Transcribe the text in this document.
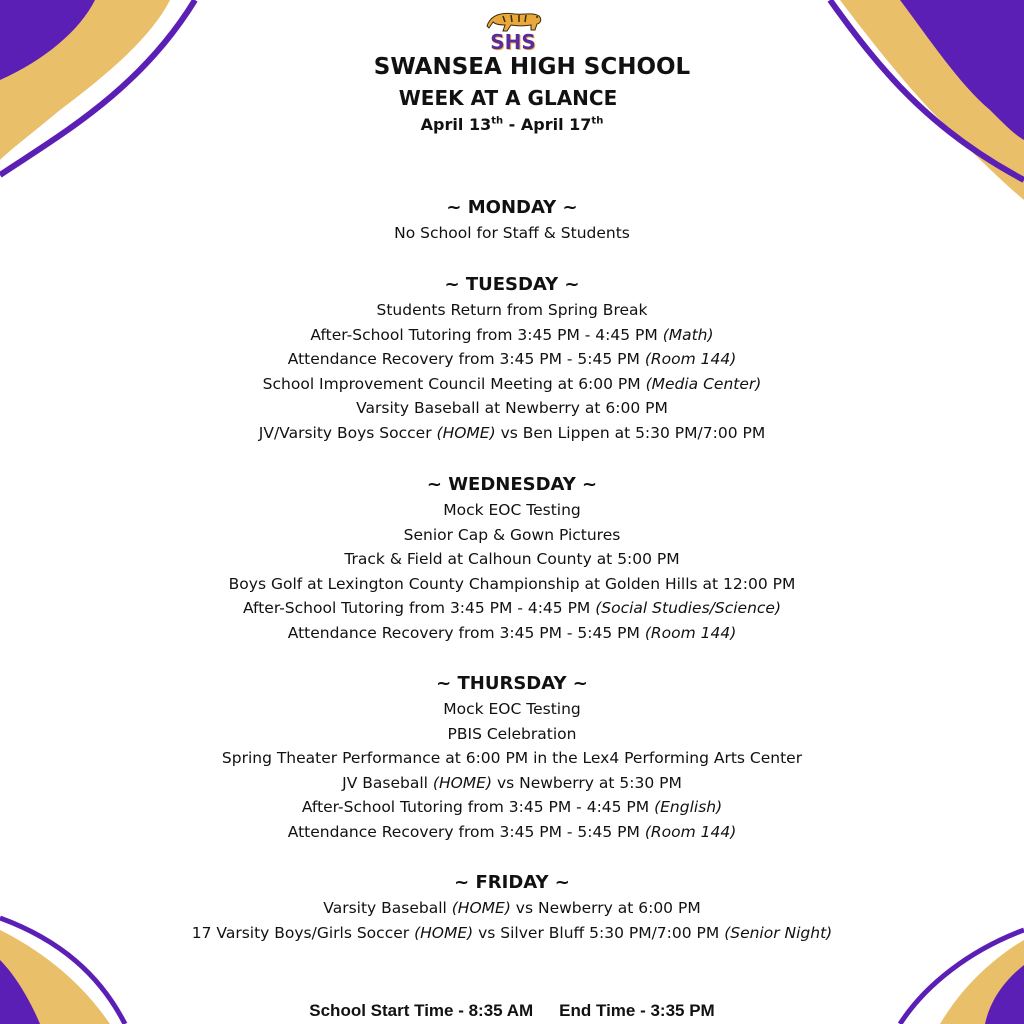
SHS
SWANSEA HIGH SCHOOL
WEEK AT A GLANCE
April 13th - April 17th
~ MONDAY ~
No School for Staff & Students
~ TUESDAY ~
Students Return from Spring Break
After-School Tutoring from 3:45 PM - 4:45 PM (Math)
Attendance Recovery from 3:45 PM - 5:45 PM (Room 144)
School Improvement Council Meeting at 6:00 PM (Media Center)
Varsity Baseball at Newberry at 6:00 PM
JV/Varsity Boys Soccer (HOME) vs Ben Lippen at 5:30 PM/7:00 PM
~ WEDNESDAY ~
Mock EOC Testing
Senior Cap & Gown Pictures
Track & Field at Calhoun County at 5:00 PM
Boys Golf at Lexington County Championship at Golden Hills at 12:00 PM
After-School Tutoring from 3:45 PM - 4:45 PM (Social Studies/Science)
Attendance Recovery from 3:45 PM - 5:45 PM (Room 144)
~ THURSDAY ~
Mock EOC Testing
PBIS Celebration
Spring Theater Performance at 6:00 PM in the Lex4 Performing Arts Center
JV Baseball (HOME) vs Newberry at 5:30 PM
After-School Tutoring from 3:45 PM - 4:45 PM (English)
Attendance Recovery from 3:45 PM - 5:45 PM (Room 144)
~ FRIDAY ~
Varsity Baseball (HOME) vs Newberry at 6:00 PM
17 Varsity Boys/Girls Soccer (HOME) vs Silver Bluff 5:30 PM/7:00 PM (Senior Night)
School Start Time - 8:35 AM End Time - 3:35 PM
